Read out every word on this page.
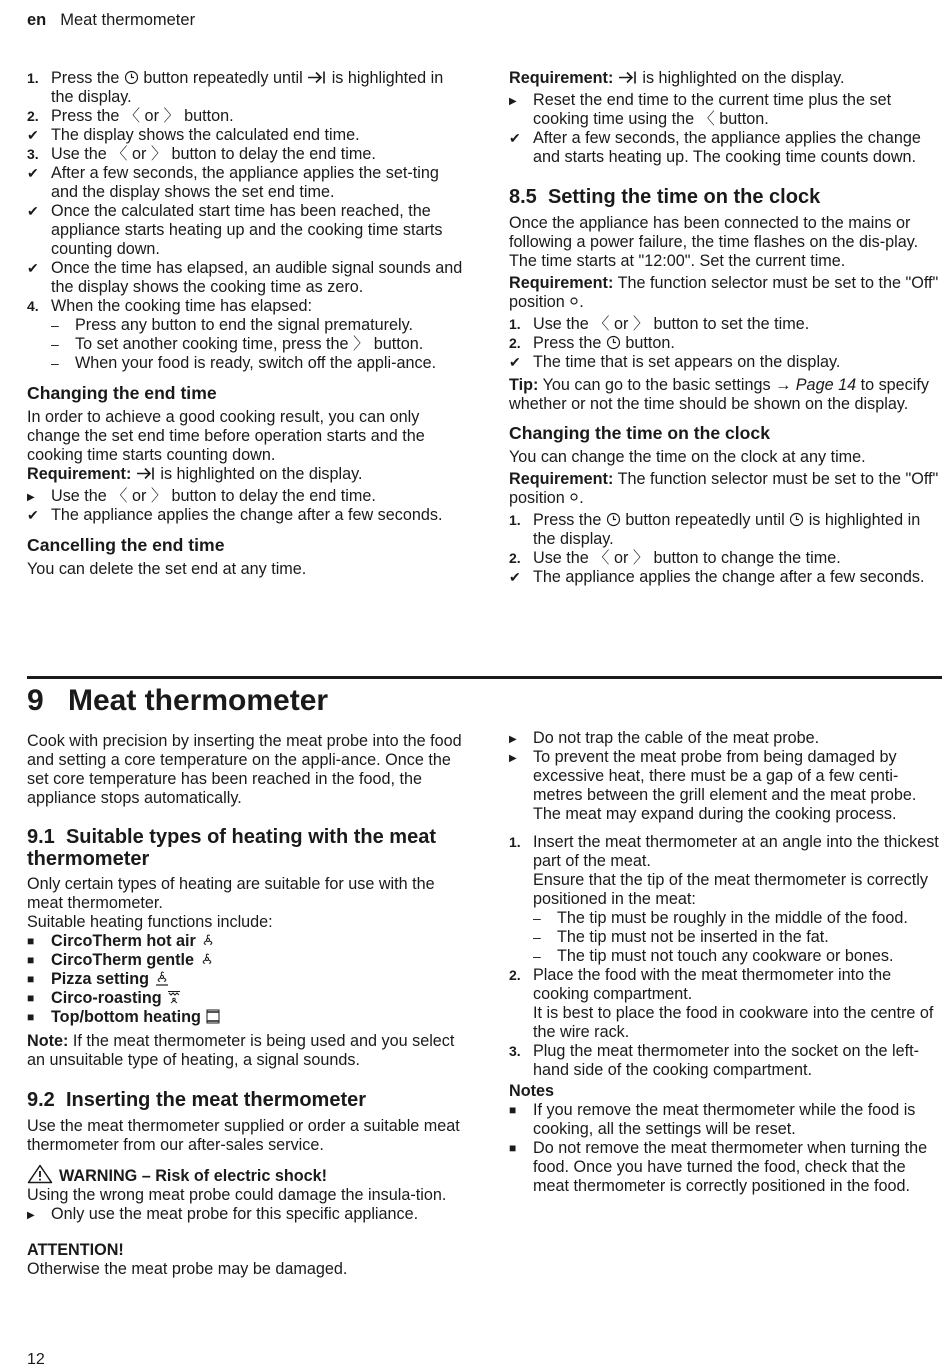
en Meat thermometer
1. Press the button repeatedly until is highlighted in the display.
2. Press the 〈 or 〉 button.
✔ The display shows the calculated end time.
3. Use the 〈 or 〉 button to delay the end time.
✔ After a few seconds, the appliance applies the set-ting and the display shows the set end time.
✔ Once the calculated start time has been reached, the appliance starts heating up and the cooking time starts counting down.
✔ Once the time has elapsed, an audible signal sounds and the display shows the cooking time as zero.
4. When the cooking time has elapsed:
– Press any button to end the signal prematurely.
– To set another cooking time, press the 〉 button.
– When your food is ready, switch off the appli-ance.
Changing the end time

In order to achieve a good cooking result, you can only change the set end time before operation starts and the cooking time starts counting down.

Requirement: is highlighted on the display.

▶ Use the 〈 or 〉 button to delay the end time.
✔ The appliance applies the change after a few seconds.
Cancelling the end time

You can delete the set end at any time.

Requirement: is highlighted on the display.

▶ Reset the end time to the current time plus the set cooking time using the 〈 button.
✔ After a few seconds, the appliance applies the change and starts heating up. The cooking time counts down.
8.5 Setting the time on the clock

Once the appliance has been connected to the mains or following a power failure, the time flashes on the dis-play. The time starts at "12:00". Set the current time.

Requirement: The function selector must be set to the "Off" position .

1. Use the 〈 or 〉 button to set the time.
2. Press the button.
✔ The time that is set appears on the display.

Tip: You can go to the basic settings → Page 14 to specify whether or not the time should be shown on the display.

Changing the time on the clock

You can change the time on the clock at any time.

Requirement: The function selector must be set to the "Off" position .

1. Press the button repeatedly until is highlighted in the display.
2. Use the 〈 or 〉 button to change the time.
✔ The appliance applies the change after a few seconds.
9 Meat thermometer

Cook with precision by inserting the meat probe into the food and setting a core temperature on the appli-ance. Once the set core temperature has been reached in the food, the appliance stops automatically.

9.1 Suitable types of heating with the meat thermometer

Only certain types of heating are suitable for use with the meat thermometer.

Suitable heating functions include:

■ CircoTherm hot air
■ CircoTherm gentle
■ Pizza setting
■ Circo-roasting
■ Top/bottom heating

Note: If the meat thermometer is being used and you select an unsuitable type of heating, a signal sounds.

9.2 Inserting the meat thermometer

Use the meat thermometer supplied or order a suitable meat thermometer from our after-sales service.

WARNING – Risk of electric shock!

Using the wrong meat probe could damage the insula-tion.

▶ Only use the meat probe for this specific appliance.

ATTENTION!

Otherwise the meat probe may be damaged.

▶ Do not trap the cable of the meat probe.
▶ To prevent the meat probe from being damaged by excessive heat, there must be a gap of a few centi-metres between the grill element and the meat probe. The meat may expand during the cooking process.
1. Insert the meat thermometer at an angle into the thickest part of the meat.
Ensure that the tip of the meat thermometer is correctly positioned in the meat:
– The tip must be roughly in the middle of the food.
– The tip must not be inserted in the fat.
– The tip must not touch any cookware or bones.
2. Place the food with the meat thermometer into the cooking compartment.
It is best to place the food in cookware into the centre of the wire rack.
3. Plug the meat thermometer into the socket on the left-hand side of the cooking compartment.

Notes

■ If you remove the meat thermometer while the food is cooking, all the settings will be reset.
■ Do not remove the meat thermometer when turning the food. Once you have turned the food, check that the meat thermometer is correctly positioned in the food.
12
